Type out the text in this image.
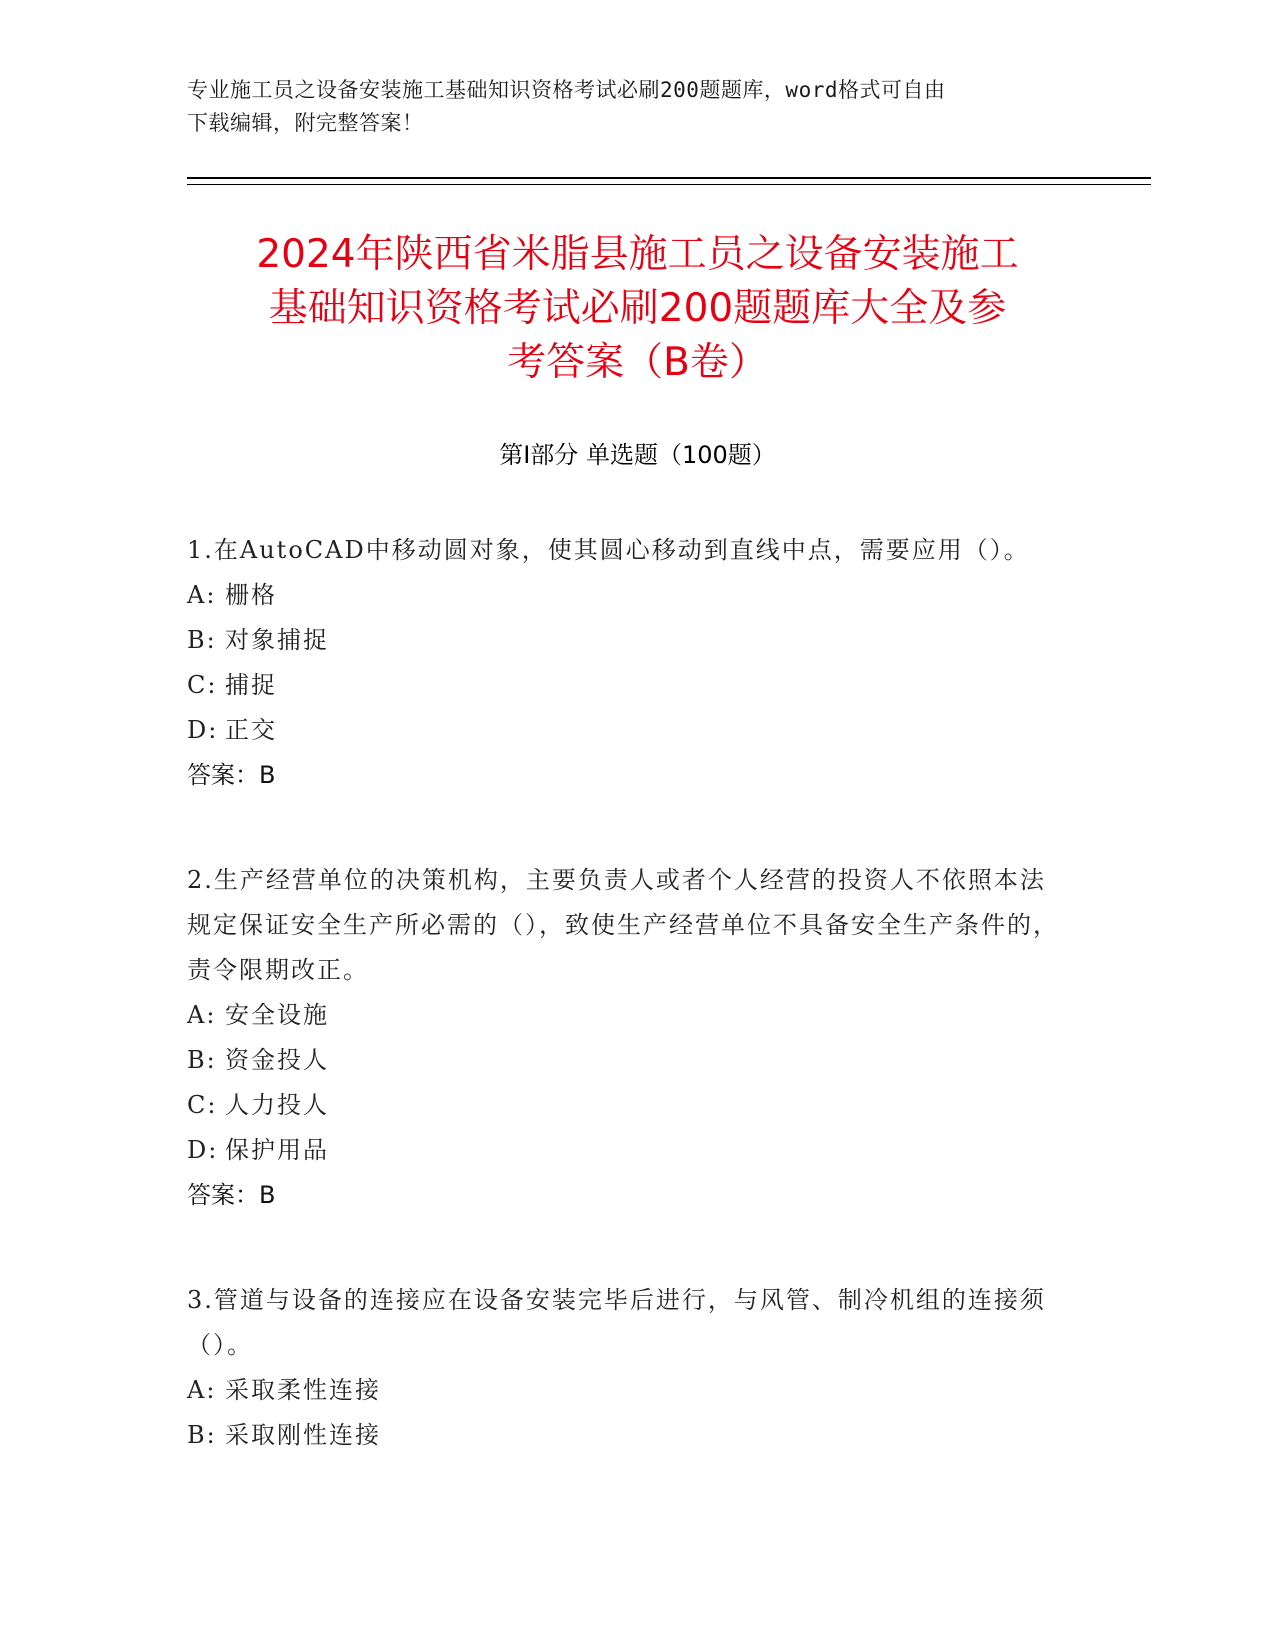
专业施工员之设备安装施工基础知识资格考试必刷200题题库，word格式可自由
下载编辑，附完整答案！
2024年陕西省米脂县施工员之设备安装施工
基础知识资格考试必刷200题题库大全及参
考答案（B卷）
第Ⅰ部分 单选题（100题）
1.在AutoCAD中移动圆对象，使其圆心移动到直线中点，需要应用（）。
A: 栅格
B: 对象捕捉
C: 捕捉
D: 正交
答案：B
2.生产经营单位的决策机构，主要负责人或者个人经营的投资人不依照本法规定保证安全生产所必需的（），致使生产经营单位不具备安全生产条件的，责令限期改正。
A: 安全设施
B: 资金投人
C: 人力投人
D: 保护用品
答案：B
3.管道与设备的连接应在设备安装完毕后进行，与风管、制冷机组的连接须（）。
A: 采取柔性连接
B: 采取刚性连接
